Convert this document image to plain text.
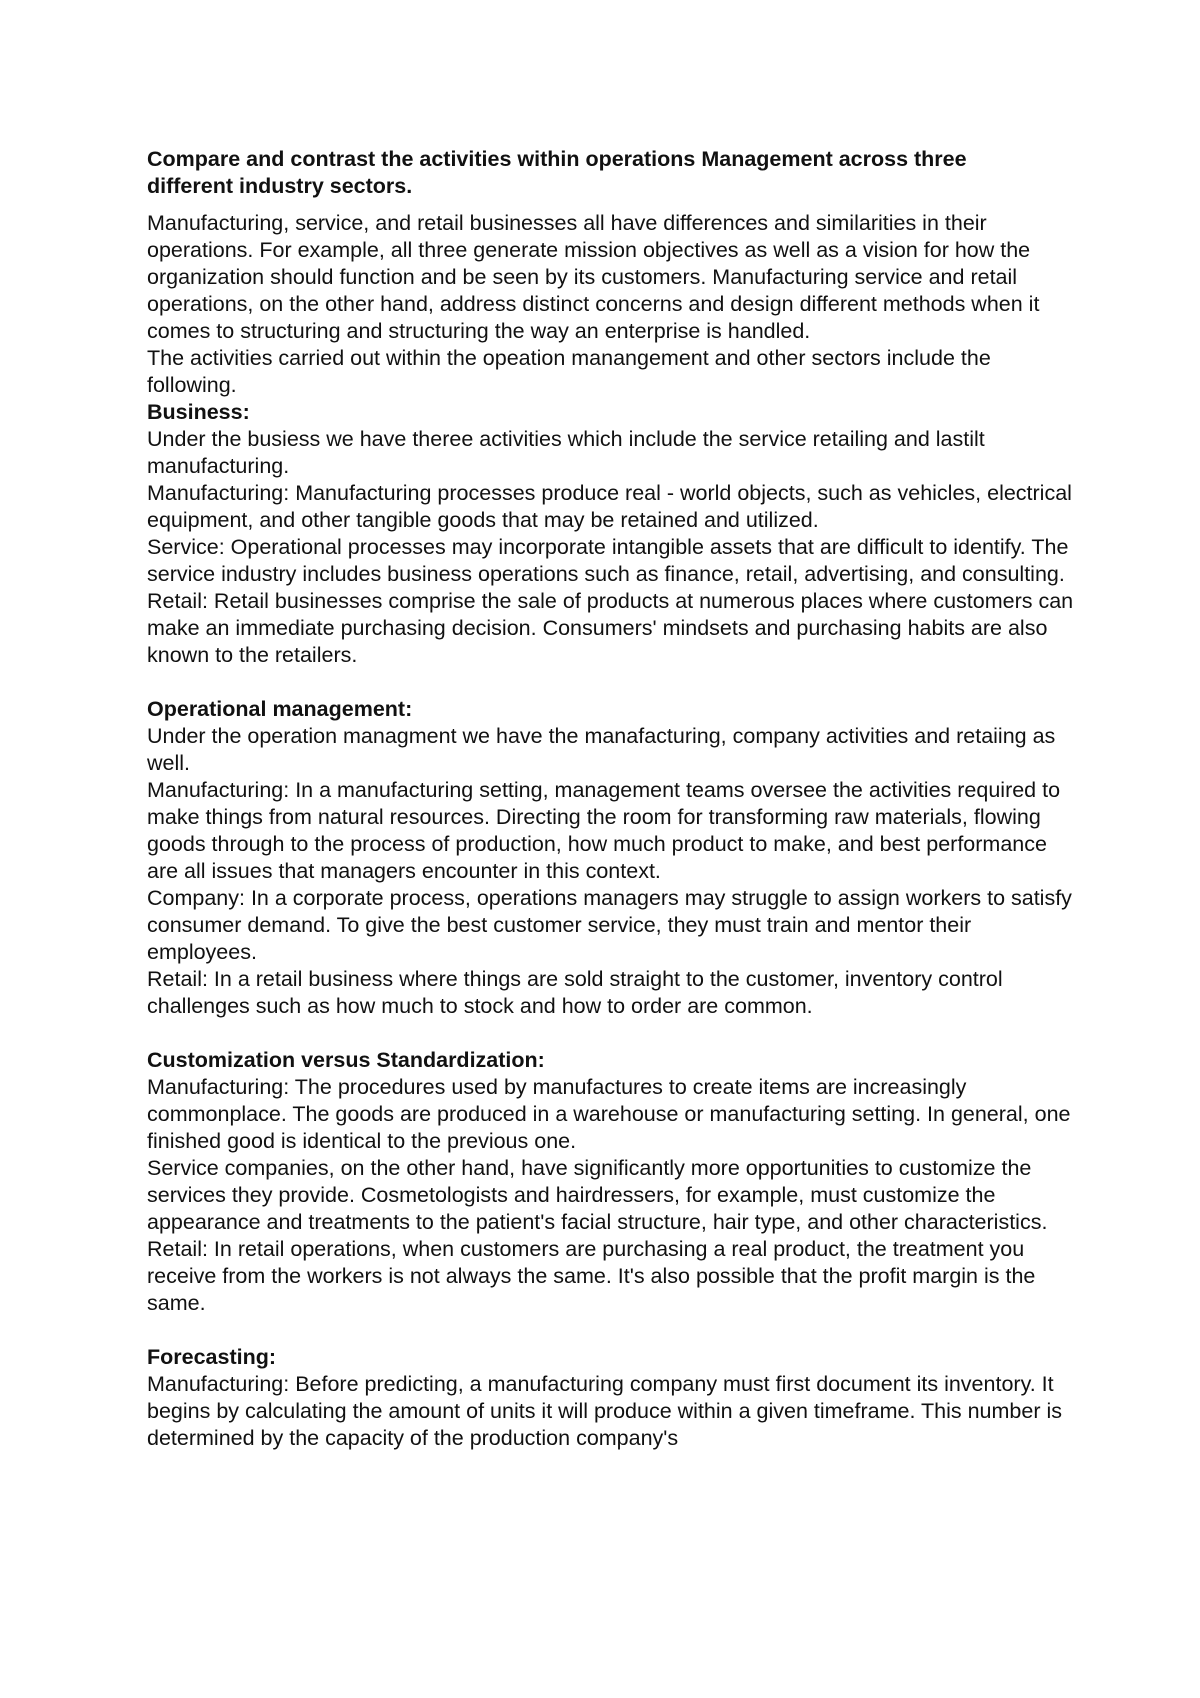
Compare and contrast the activities within operations Management across three different industry sectors.

Manufacturing, service, and retail businesses all have differences and similarities in their operations. For example, all three generate mission objectives as well as a vision for how the organization should function and be seen by its customers. Manufacturing service and retail operations, on the other hand, address distinct concerns and design different methods when it comes to structuring and structuring the way an enterprise is handled.

The activities carried out within the opeation manangement and other sectors include the following.

Business:

Under the busiess we have theree activities which include the service retailing and lastilt manufacturing.

Manufacturing: Manufacturing processes produce real - world objects, such as vehicles, electrical equipment, and other tangible goods that may be retained and utilized.

Service: Operational processes may incorporate intangible assets that are difficult to identify. The service industry includes business operations such as finance, retail, advertising, and consulting.

Retail: Retail businesses comprise the sale of products at numerous places where customers can make an immediate purchasing decision. Consumers' mindsets and purchasing habits are also known to the retailers.

Operational management:

Under the operation managment we have the manafacturing, company activities and retaiing as well.

Manufacturing: In a manufacturing setting, management teams oversee the activities required to make things from natural resources. Directing the room for transforming raw materials, flowing goods through to the process of production, how much product to make, and best performance are all issues that managers encounter in this context.

Company: In a corporate process, operations managers may struggle to assign workers to satisfy consumer demand. To give the best customer service, they must train and mentor their employees.

Retail: In a retail business where things are sold straight to the customer, inventory control challenges such as how much to stock and how to order are common.

Customization versus Standardization:

Manufacturing: The procedures used by manufactures to create items are increasingly commonplace. The goods are produced in a warehouse or manufacturing setting. In general, one finished good is identical to the previous one.

Service companies, on the other hand, have significantly more opportunities to customize the services they provide. Cosmetologists and hairdressers, for example, must customize the appearance and treatments to the patient's facial structure, hair type, and other characteristics.

Retail: In retail operations, when customers are purchasing a real product, the treatment you receive from the workers is not always the same. It's also possible that the profit margin is the same.

Forecasting:

Manufacturing: Before predicting, a manufacturing company must first document its inventory. It begins by calculating the amount of units it will produce within a given timeframe. This number is determined by the capacity of the production company's
